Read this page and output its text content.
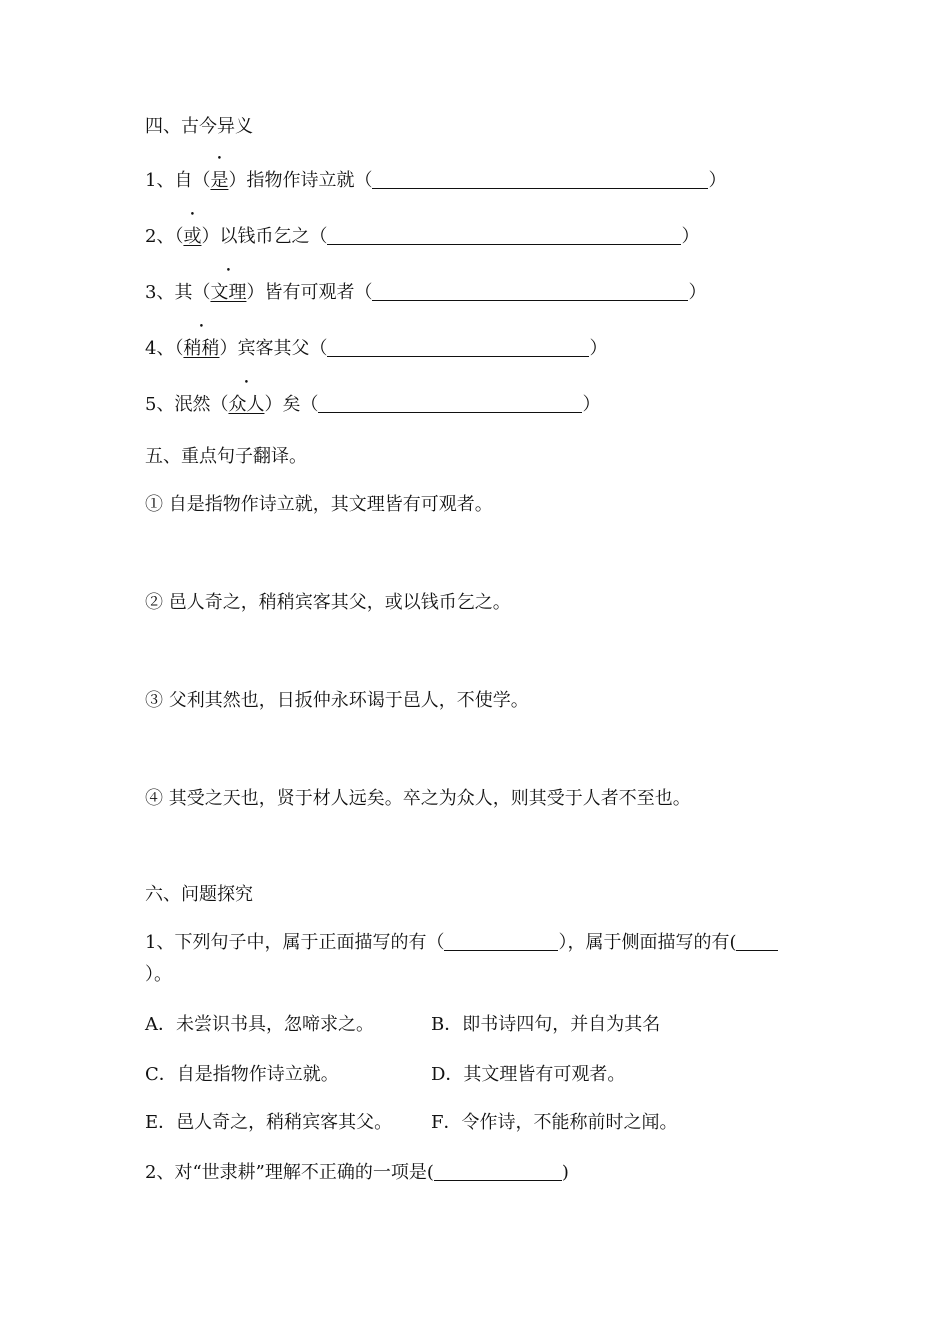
四、古今异义
1、自（是）指物作诗立就（	）
2、（或）以钱币乞之（	）
3、其（文理）皆有可观者（	）
4、（稍稍）宾客其父（	）
5、泯然（众人）矣（	）
五、重点句子翻译。
① 自是指物作诗立就，其文理皆有可观者。
② 邑人奇之，稍稍宾客其父，或以钱币乞之。
③ 父利其然也，日扳仲永环谒于邑人，不使学。
④ 其受之天也，贤于材人远矣。卒之为众人，则其受于人者不至也。
六、问题探究
1、下列句子中，属于正面描写的有（	），属于侧面描写的有(
）。
A．未尝识书具，忽啼求之。	B．即书诗四句，并自为其名
C．自是指物作诗立就。	D．其文理皆有可观者。
E．邑人奇之，稍稍宾客其父。 F．令作诗，不能称前时之闻。
2、对“世隶耕”理解不正确的一项是(	)
